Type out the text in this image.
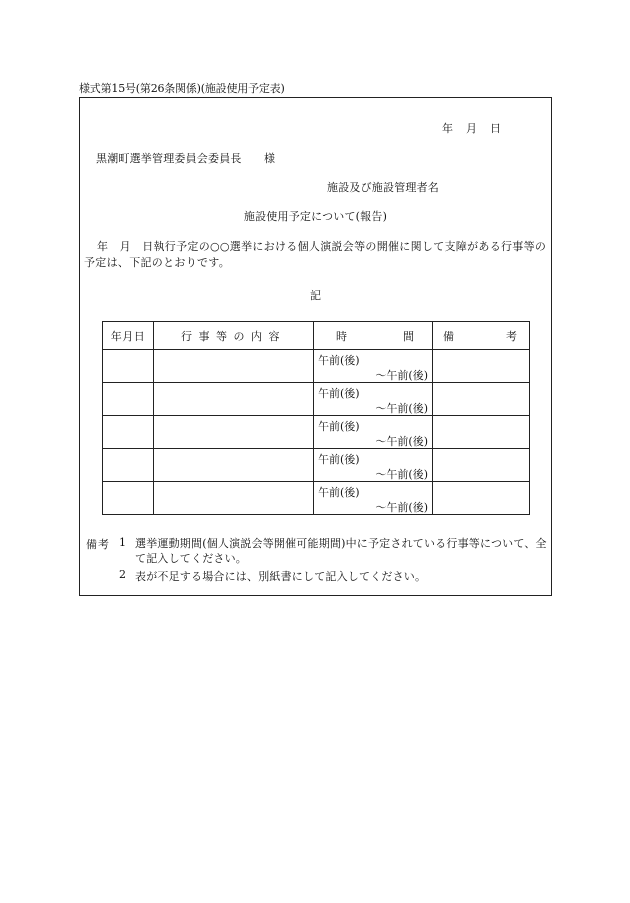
様式第15号(第26条関係)(施設使用予定表)
年　月　日
黒潮町選挙管理委員会委員長　　様
施設及び施設管理者名
施設使用予定について(報告)
年　月　日執行予定の○○選挙における個人演説会等の開催に関して支障がある行事等の予定は、下記のとおりです。
記
年月日	行事等の内容	時 間	備 考

		午前(後)
～午前(後)	

		午前(後)
～午前(後)	

		午前(後)
～午前(後)	

		午前(後)
～午前(後)	

		午前(後)
～午前(後)	

備考 1 選挙運動期間(個人演説会等開催可能期間)中に予定されている行事等について、全て記入してください。
2 表が不足する場合には、別紙書にして記入してください。
